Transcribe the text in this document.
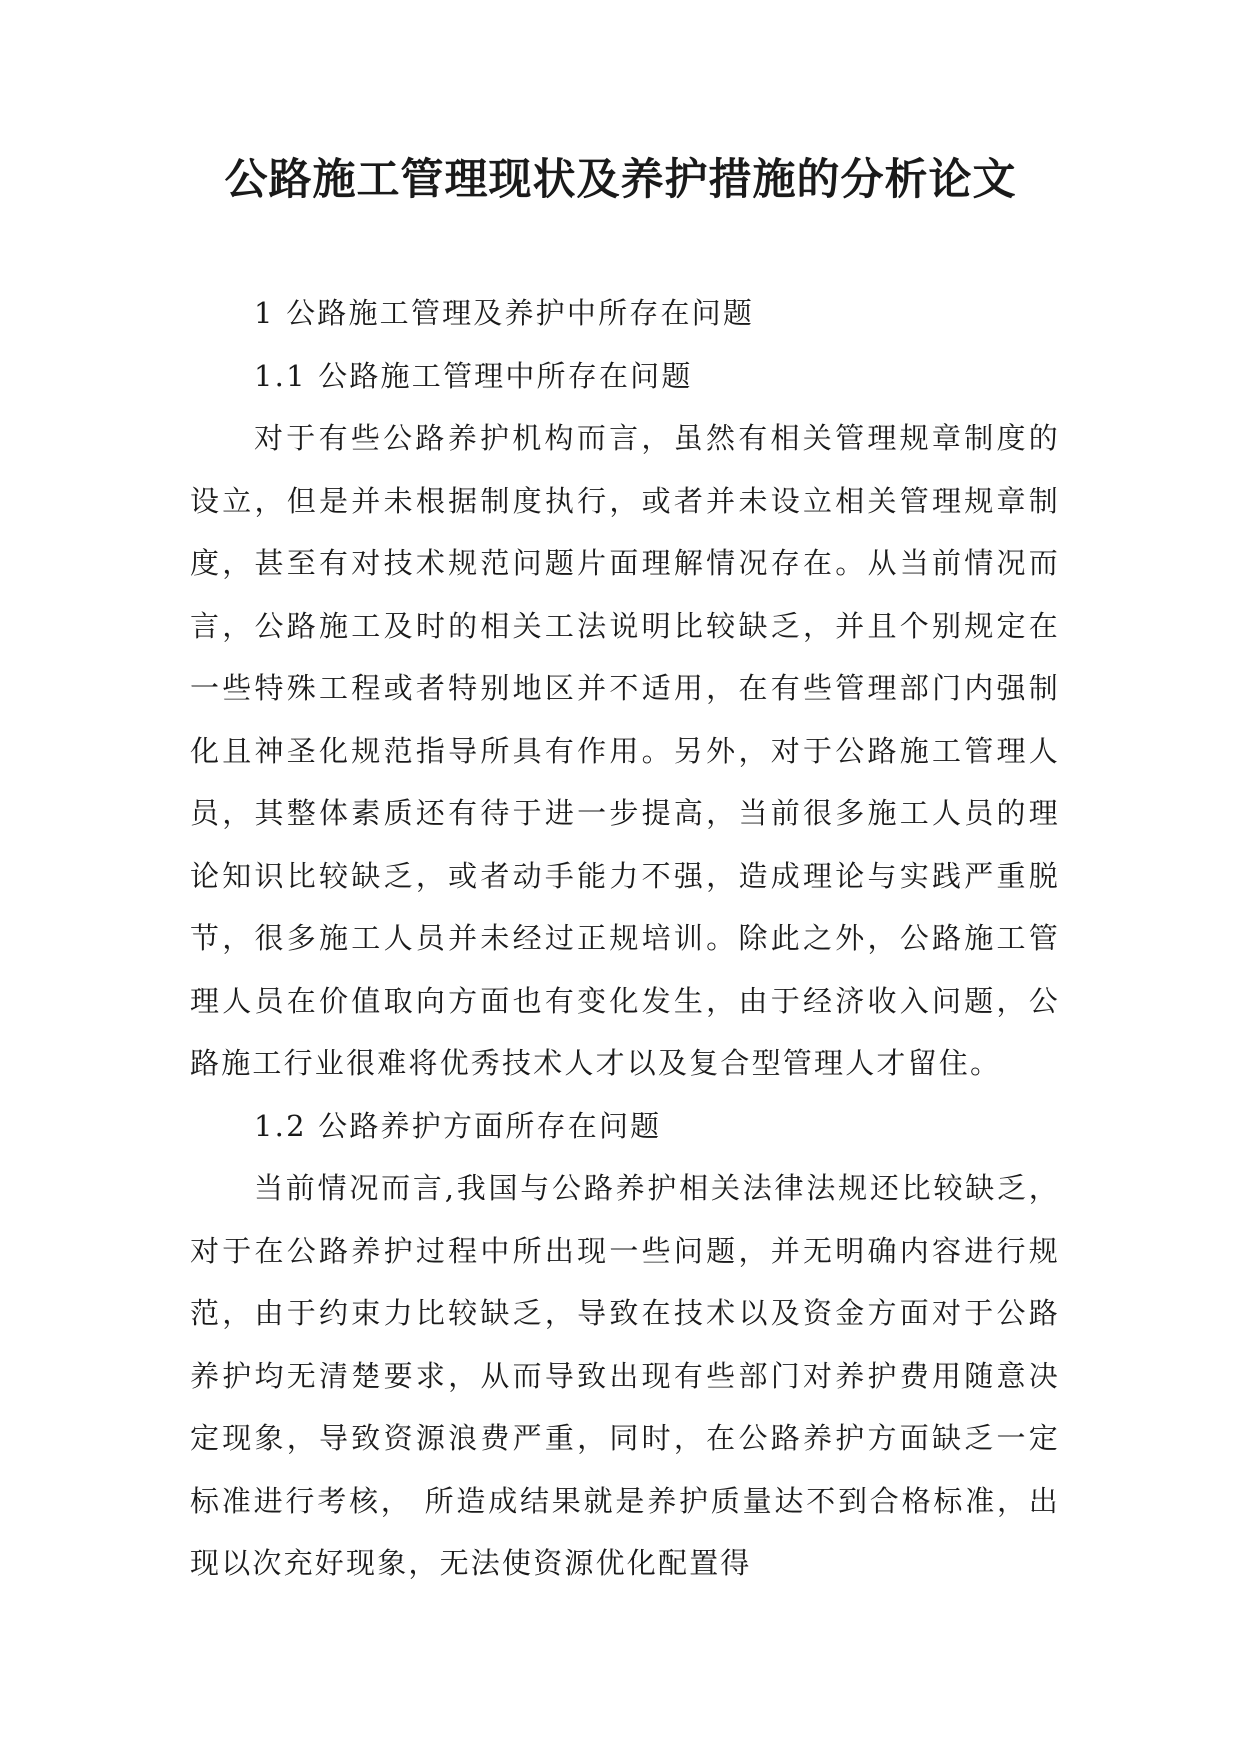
公路施工管理现状及养护措施的分析论文

1 公路施工管理及养护中所存在问题

1.1 公路施工管理中所存在问题

对于有些公路养护机构而言，虽然有相关管理规章制度的设立，但是并未根据制度执行，或者并未设立相关管理规章制度，甚至有对技术规范问题片面理解情况存在。从当前情况而言，公路施工及时的相关工法说明比较缺乏，并且个别规定在一些特殊工程或者特别地区并不适用，在有些管理部门内强制化且神圣化规范指导所具有作用。另外，对于公路施工管理人员，其整体素质还有待于进一步提高，当前很多施工人员的理论知识比较缺乏，或者动手能力不强，造成理论与实践严重脱节，很多施工人员并未经过正规培训。除此之外，公路施工管理人员在价值取向方面也有变化发生，由于经济收入问题，公路施工行业很难将优秀技术人才以及复合型管理人才留住。

1.2 公路养护方面所存在问题

当前情况而言,我国与公路养护相关法律法规还比较缺乏，对于在公路养护过程中所出现一些问题，并无明确内容进行规范，由于约束力比较缺乏，导致在技术以及资金方面对于公路养护均无清楚要求，从而导致出现有些部门对养护费用随意决定现象，导致资源浪费严重，同时，在公路养护方面缺乏一定标准进行考核， 所造成结果就是养护质量达不到合格标准，出现以次充好现象，无法使资源优化配置得
